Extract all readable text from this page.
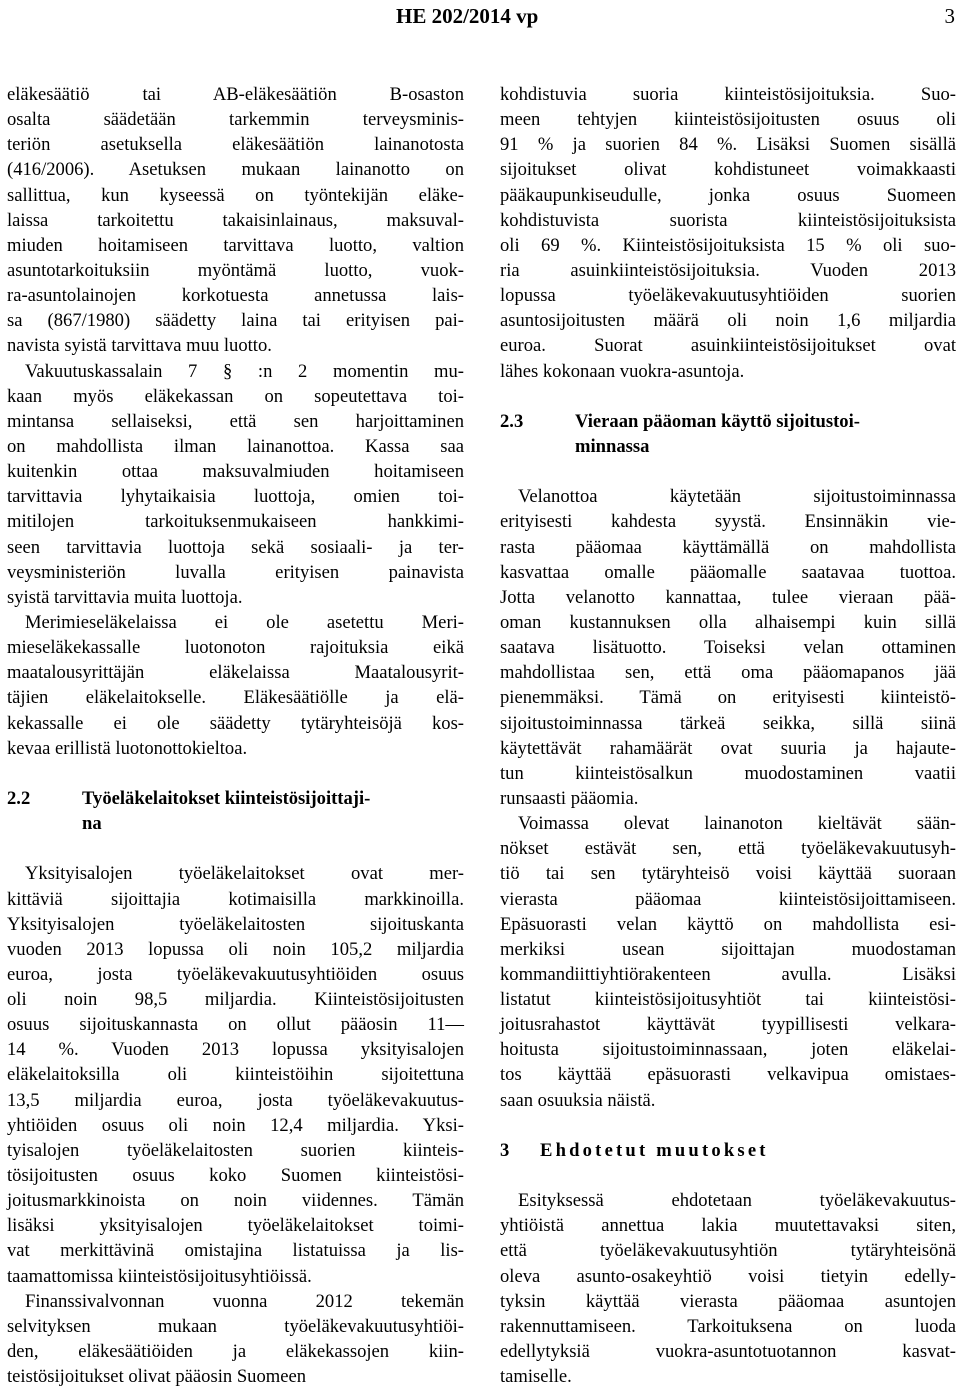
HE 202/2014 vp	3
eläkesäätiö tai AB-eläkesäätiön B-osaston
osalta säädetään tarkemmin terveysminis-
teriön asetuksella eläkesäätiön lainanotosta
(416/2006). Asetuksen mukaan lainanotto on
sallittua, kun kyseessä on työntekijän eläke-
laissa tarkoitettu takaisinlainaus, maksuval-
miuden hoitamiseen tarvittava luotto, valtion
asuntotarkoituksiin myöntämä luotto, vuok-
ra-asuntolainojen korkotuesta annetussa lais-
sa (867/1980) säädetty laina tai erityisen pai-
navista syistä tarvittava muu luotto.
Vakuutuskassalain 7 § :n 2 momentin mu-
kaan myös eläkekassan on sopeutettava toi-
mintansa sellaiseksi, että sen harjoittaminen
on mahdollista ilman lainanottoa. Kassa saa
kuitenkin ottaa maksuvalmiuden hoitamiseen
tarvittavia lyhytaikaisia luottoja, omien toi-
mitilojen tarkoituksenmukaiseen hankkimi-
seen tarvittavia luottoja sekä sosiaali- ja ter-
veysministeriön luvalla erityisen painavista
syistä tarvittavia muita luottoja.
Merimieseläkelaissa ei ole asetettu Meri-
mieseläkekassalle luotonoton rajoituksia eikä
maatalousyrittäjän eläkelaissa Maatalousyrit-
täjien eläkelaitokselle. Eläkesäätiölle ja elä-
kekassalle ei ole säädetty tytäryhteisöjä kos-
kevaa erillistä luotonottokieltoa.
2.2	Työeläkelaitokset kiinteistösijoittaji-
na
Yksityisalojen työeläkelaitokset ovat mer-
kittäviä sijoittajia kotimaisilla markkinoilla.
Yksityisalojen työeläkelaitosten sijoituskanta
vuoden 2013 lopussa oli noin 105,2 miljardia
euroa, josta työeläkevakuutusyhtiöiden osuus
oli noin 98,5 miljardia. Kiinteistösijoitusten
osuus sijoituskannasta on ollut pääosin 11—
14 %. Vuoden 2013 lopussa yksityisalojen
eläkelaitoksilla oli kiinteistöihin sijoitettuna
13,5 miljardia euroa, josta työeläkevakuutus-
yhtiöiden osuus oli noin 12,4 miljardia. Yksi-
tyisalojen työeläkelaitosten suorien kiinteis-
tösijoitusten osuus koko Suomen kiinteistösi-
joitusmarkkinoista on noin viidennes. Tämän
lisäksi yksityisalojen työeläkelaitokset toimi-
vat merkittävinä omistajina listatuissa ja lis-
taamattomissa kiinteistösijoitusyhtiöissä.
Finanssivalvonnan vuonna 2012 tekemän
selvityksen mukaan työeläkevakuutusyhtiöi-
den, eläkesäätiöiden ja eläkekassojen kiin-
teistösijoitukset olivat pääosin Suomeen
kohdistuvia suoria kiinteistösijoituksia. Suo-
meen tehtyjen kiinteistösijoitusten osuus oli
91 % ja suorien 84 %. Lisäksi Suomen sisällä
sijoitukset olivat kohdistuneet voimakkaasti
pääkaupunkiseudulle, jonka osuus Suomeen
kohdistuvista suorista kiinteistösijoituksista
oli 69 %. Kiinteistösijoituksista 15 % oli suo-
ria asuinkiinteistösijoituksia. Vuoden 2013
lopussa työeläkevakuutusyhtiöiden suorien
asuntosijoitusten määrä oli noin 1,6 miljardia
euroa. Suorat asuinkiinteistösijoitukset ovat
lähes kokonaan vuokra-asuntoja.
2.3	Vieraan pääoman käyttö sijoitustoi-
minnassa
Velanottoa käytetään sijoitustoiminnassa
erityisesti kahdesta syystä. Ensinnäkin vie-
rasta pääomaa käyttämällä on mahdollista
kasvattaa omalle pääomalle saatavaa tuottoa.
Jotta velanotto kannattaa, tulee vieraan pää-
oman kustannuksen olla alhaisempi kuin sillä
saatava lisätuotto. Toiseksi velan ottaminen
mahdollistaa sen, että oma pääomapanos jää
pienemmäksi. Tämä on erityisesti kiinteistö-
sijoitustoiminnassa tärkeä seikka, sillä siinä
käytettävät rahamäärät ovat suuria ja hajaute-
tun kiinteistösalkun muodostaminen vaatii
runsaasti pääomia.
Voimassa olevat lainanoton kieltävät sään-
nökset estävät sen, että työeläkevakuutusyh-
tiö tai sen tytäryhteisö voisi käyttää suoraan
vierasta pääomaa kiinteistösijoittamiseen.
Epäsuorasti velan käyttö on mahdollista esi-
merkiksi usean sijoittajan muodostaman
kommandiittiyhtiörakenteen avulla. Lisäksi
listatut kiinteistösijoitusyhtiöt tai kiinteistösi-
joitusrahastot käyttävät tyypillisesti velkara-
hoitusta sijoitustoiminnassaan, joten eläkelai-
tos käyttää epäsuorasti velkavipua omistaes-
saan osuuksia näistä.
3 Ehdotetut muutokset
Esityksessä ehdotetaan työeläkevakuutus-
yhtiöistä annettua lakia muutettavaksi siten,
että työeläkevakuutusyhtiön tytäryhteisönä
oleva asunto-osakeyhtiö voisi tietyin edelly-
tyksin käyttää vierasta pääomaa asuntojen
rakennuttamiseen. Tarkoituksena on luoda
edellytyksiä vuokra-asuntotuotannon kasvat-
tamiselle.
